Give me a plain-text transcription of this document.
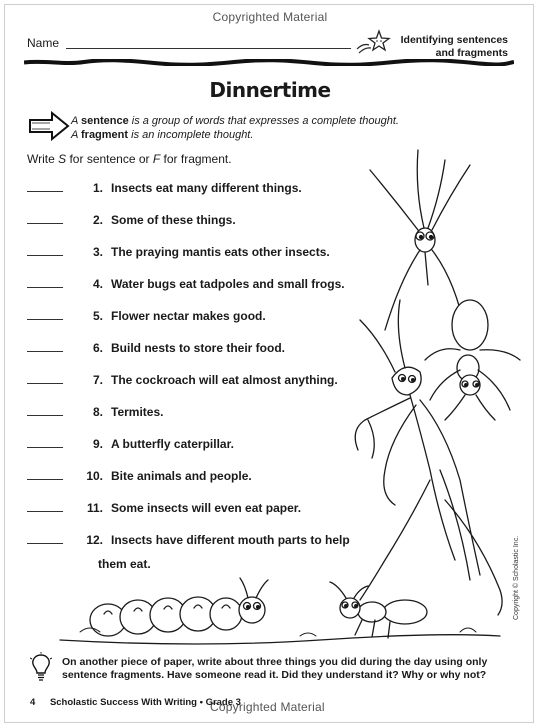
Copyrighted Material
Name	Identifying sentences
and fragments
Dinnertime
A sentence is a group of words that expresses a complete thought.
A fragment is an incomplete thought.
Write S for sentence or F for fragment.
1. Insects eat many different things.
2. Some of these things.
3. The praying mantis eats other insects.
4. Water bugs eat tadpoles and small frogs.
5. Flower nectar makes good.
6. Build nests to store their food.
7. The cockroach will eat almost anything.
8. Termites.
9. A butterfly caterpillar.
10. Bite animals and people.
11. Some insects will even eat paper.
12. Insects have different mouth parts to help
them eat.	Copyright © Scholastic Inc.
Copyrighted Material
On another piece of paper, write about three things you did during the day using only sentence fragments. Have someone read it. Did they understand it? Why or why not?
4 Scholastic Success With Writing • Grade 3
